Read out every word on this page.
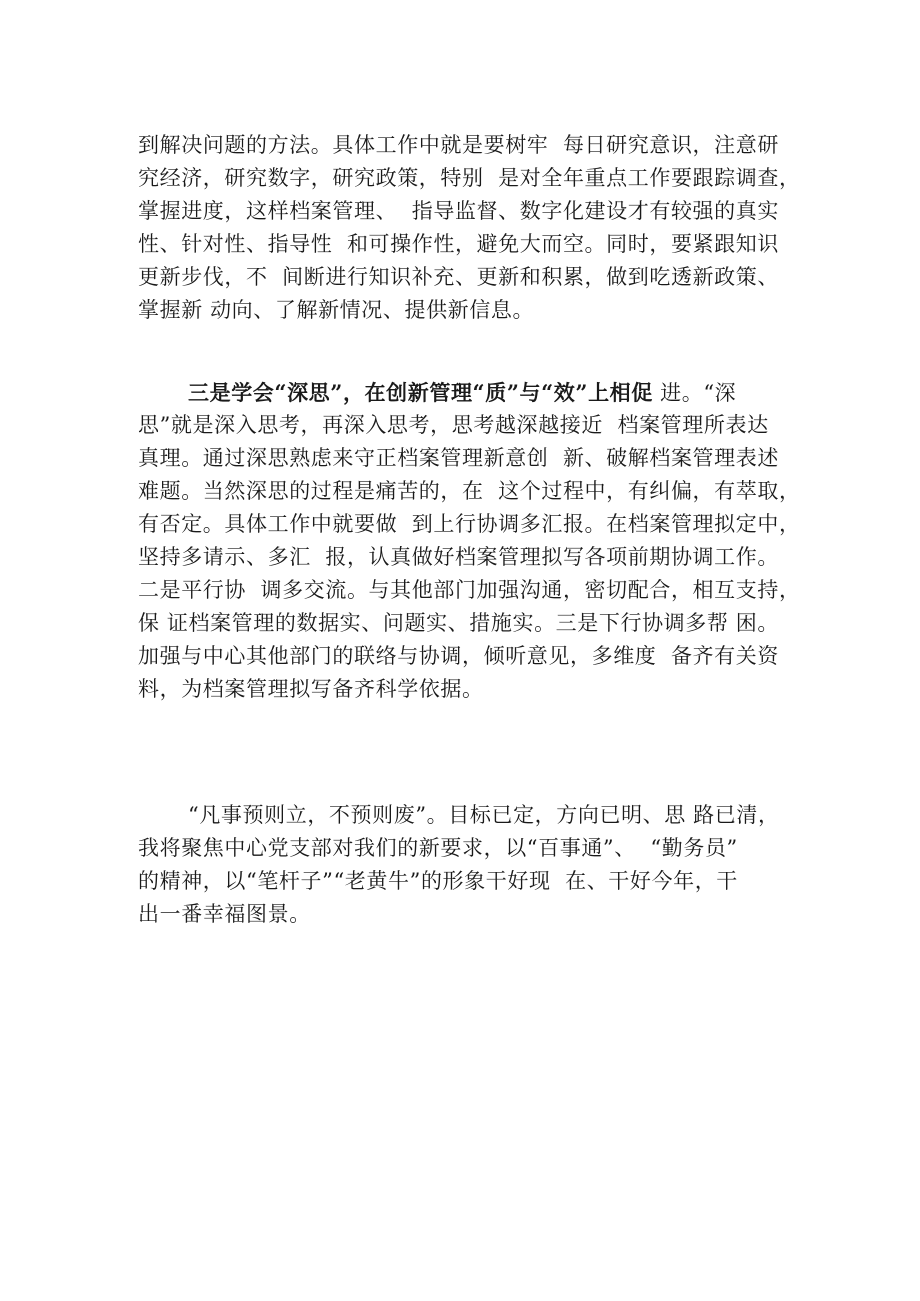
到解决问题的方法。具体工作中就是要树牢  每日研究意识，注意研
究经济，研究数字，研究政策，特别  是对全年重点工作要跟踪调查，
掌握进度，这样档案管理、  指导监督、数字化建设才有较强的真实
性、针对性、指导性  和可操作性，避免大而空。同时，要紧跟知识
更新步伐，不  间断进行知识补充、更新和积累，做到吃透新政策、
掌握新 动向、了解新情况、提供新信息。
三是学会“深思”，在创新管理“质”与“效”上相促 进。“深
思”就是深入思考，再深入思考，思考越深越接近  档案管理所表达
真理。通过深思熟虑来守正档案管理新意创  新、破解档案管理表述
难题。当然深思的过程是痛苦的，在  这个过程中，有纠偏，有萃取，
有否定。具体工作中就要做  到上行协调多汇报。在档案管理拟定中，
坚持多请示、多汇  报，认真做好档案管理拟写各项前期协调工作。
二是平行协  调多交流。与其他部门加强沟通，密切配合，相互支持，
保 证档案管理的数据实、问题实、措施实。三是下行协调多帮 困。
加强与中心其他部门的联络与协调，倾听意见，多维度  备齐有关资
料，为档案管理拟写备齐科学依据。
“凡事预则立，不预则废”。目标已定，方向已明、思 路已清，
我将聚焦中心党支部对我们的新要求，以“百事通”、  “勤务员”
的精神，以“笔杆子”“老黄牛”的形象干好现  在、干好今年，干
出一番幸福图景。
